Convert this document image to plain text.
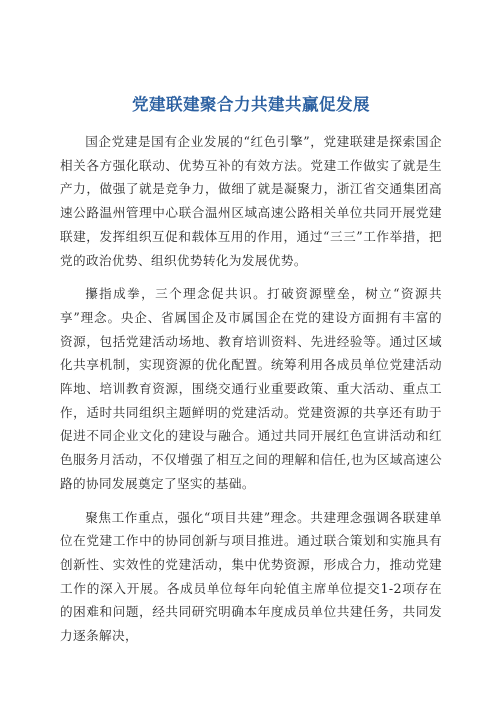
党建联建聚合力共建共赢促发展

国企党建是国有企业发展的“红色引擎”，党建联建是探索国企相关各方强化联动、优势互补的有效方法。党建工作做实了就是生产力，做强了就是竞争力，做细了就是凝聚力，浙江省交通集团高速公路温州管理中心联合温州区域高速公路相关单位共同开展党建联建，发挥组织互促和载体互用的作用，通过“三三”工作举措，把党的政治优势、组织优势转化为发展优势。

攥指成拳，三个理念促共识。打破资源壁垒，树立“资源共享”理念。央企、省属国企及市属国企在党的建设方面拥有丰富的资源，包括党建活动场地、教育培训资料、先进经验等。通过区域化共享机制，实现资源的优化配置。统筹利用各成员单位党建活动阵地、培训教育资源，围绕交通行业重要政策、重大活动、重点工作，适时共同组织主题鲜明的党建活动。党建资源的共享还有助于促进不同企业文化的建设与融合。通过共同开展红色宣讲活动和红色服务月活动，不仅增强了相互之间的理解和信任,也为区域高速公路的协同发展奠定了坚实的基础。

聚焦工作重点，强化“项目共建”理念。共建理念强调各联建单位在党建工作中的协同创新与项目推进。通过联合策划和实施具有创新性、实效性的党建活动，集中优势资源，形成合力，推动党建工作的深入开展。各成员单位每年向轮值主席单位提交1-2项存在的困难和问题，经共同研究明确本年度成员单位共建任务，共同发力逐条解决，
